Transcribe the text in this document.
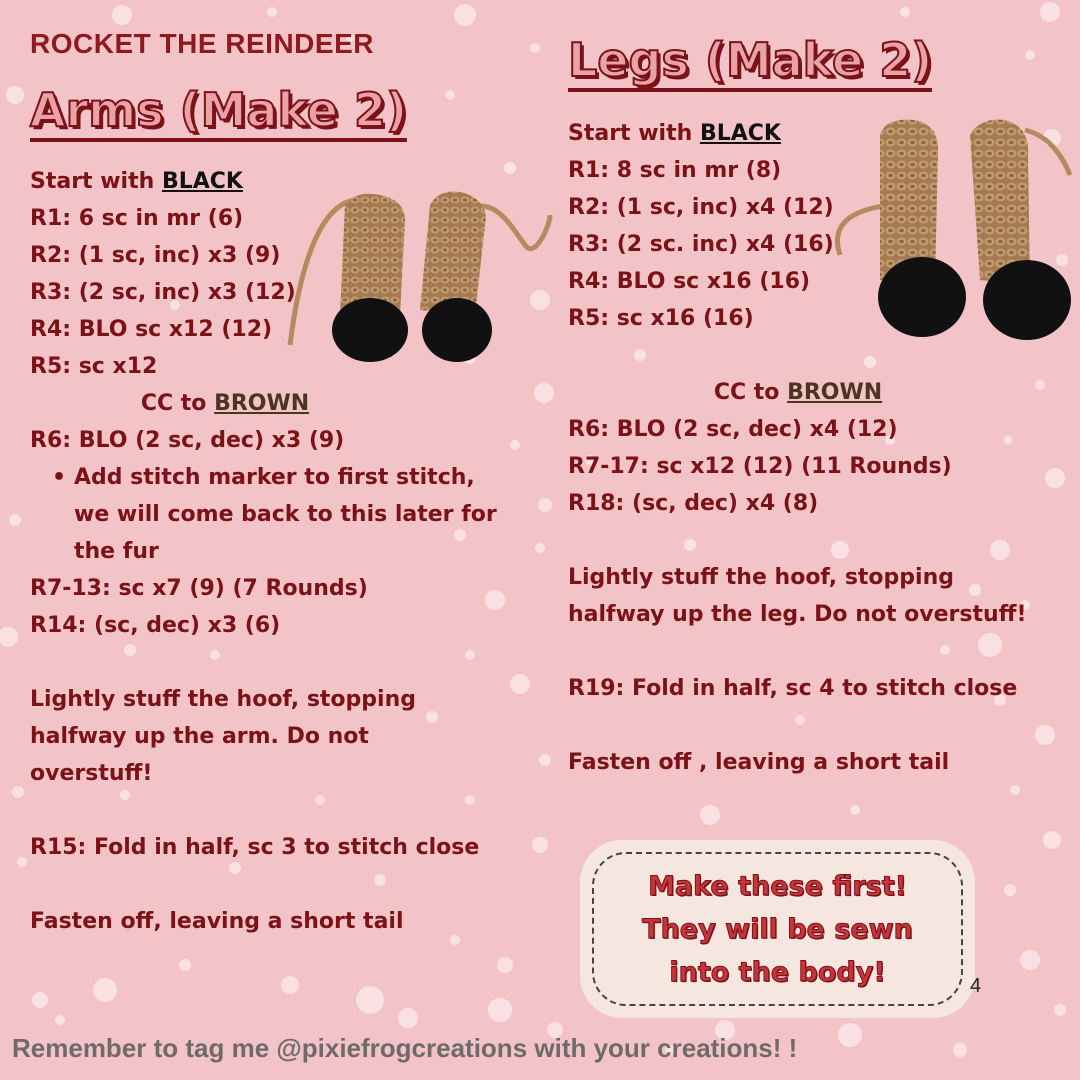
ROCKET THE REINDEER
Arms (Make 2)
Legs (Make 2)

Start with BLACK

R1: 6 sc in mr (6)

R2: (1 sc, inc) x3 (9)

R3: (2 sc, inc) x3 (12)

R4: BLO sc x12 (12)

R5: sc x12

CC to BROWN

R6: BLO (2 sc, dec) x3 (9)

• Add stitch marker to first stitch, we will come back to this later for the fur

R7-13: sc x7 (9) (7 Rounds)

R14: (sc, dec) x3 (6)

Lightly stuff the hoof, stopping

halfway up the arm. Do not

overstuff!

R15: Fold in half, sc 3 to stitch close

Fasten off, leaving a short tail

Start with BLACK

R1: 8 sc in mr (8)

R2: (1 sc, inc) x4 (12)

R3: (2 sc. inc) x4 (16)

R4: BLO sc x16 (16)

R5: sc x16 (16)

CC to BROWN

R6: BLO (2 sc, dec) x4 (12)

R7-17: sc x12 (12) (11 Rounds)

R18: (sc, dec) x4 (8)

Lightly stuff the hoof, stopping

halfway up the leg. Do not overstuff!

R19: Fold in half, sc 4 to stitch close

Fasten off , leaving a short tail

Make these first!
They will be sewn
into the body!	4
Remember to tag me @pixiefrogcreations with your creations! !
